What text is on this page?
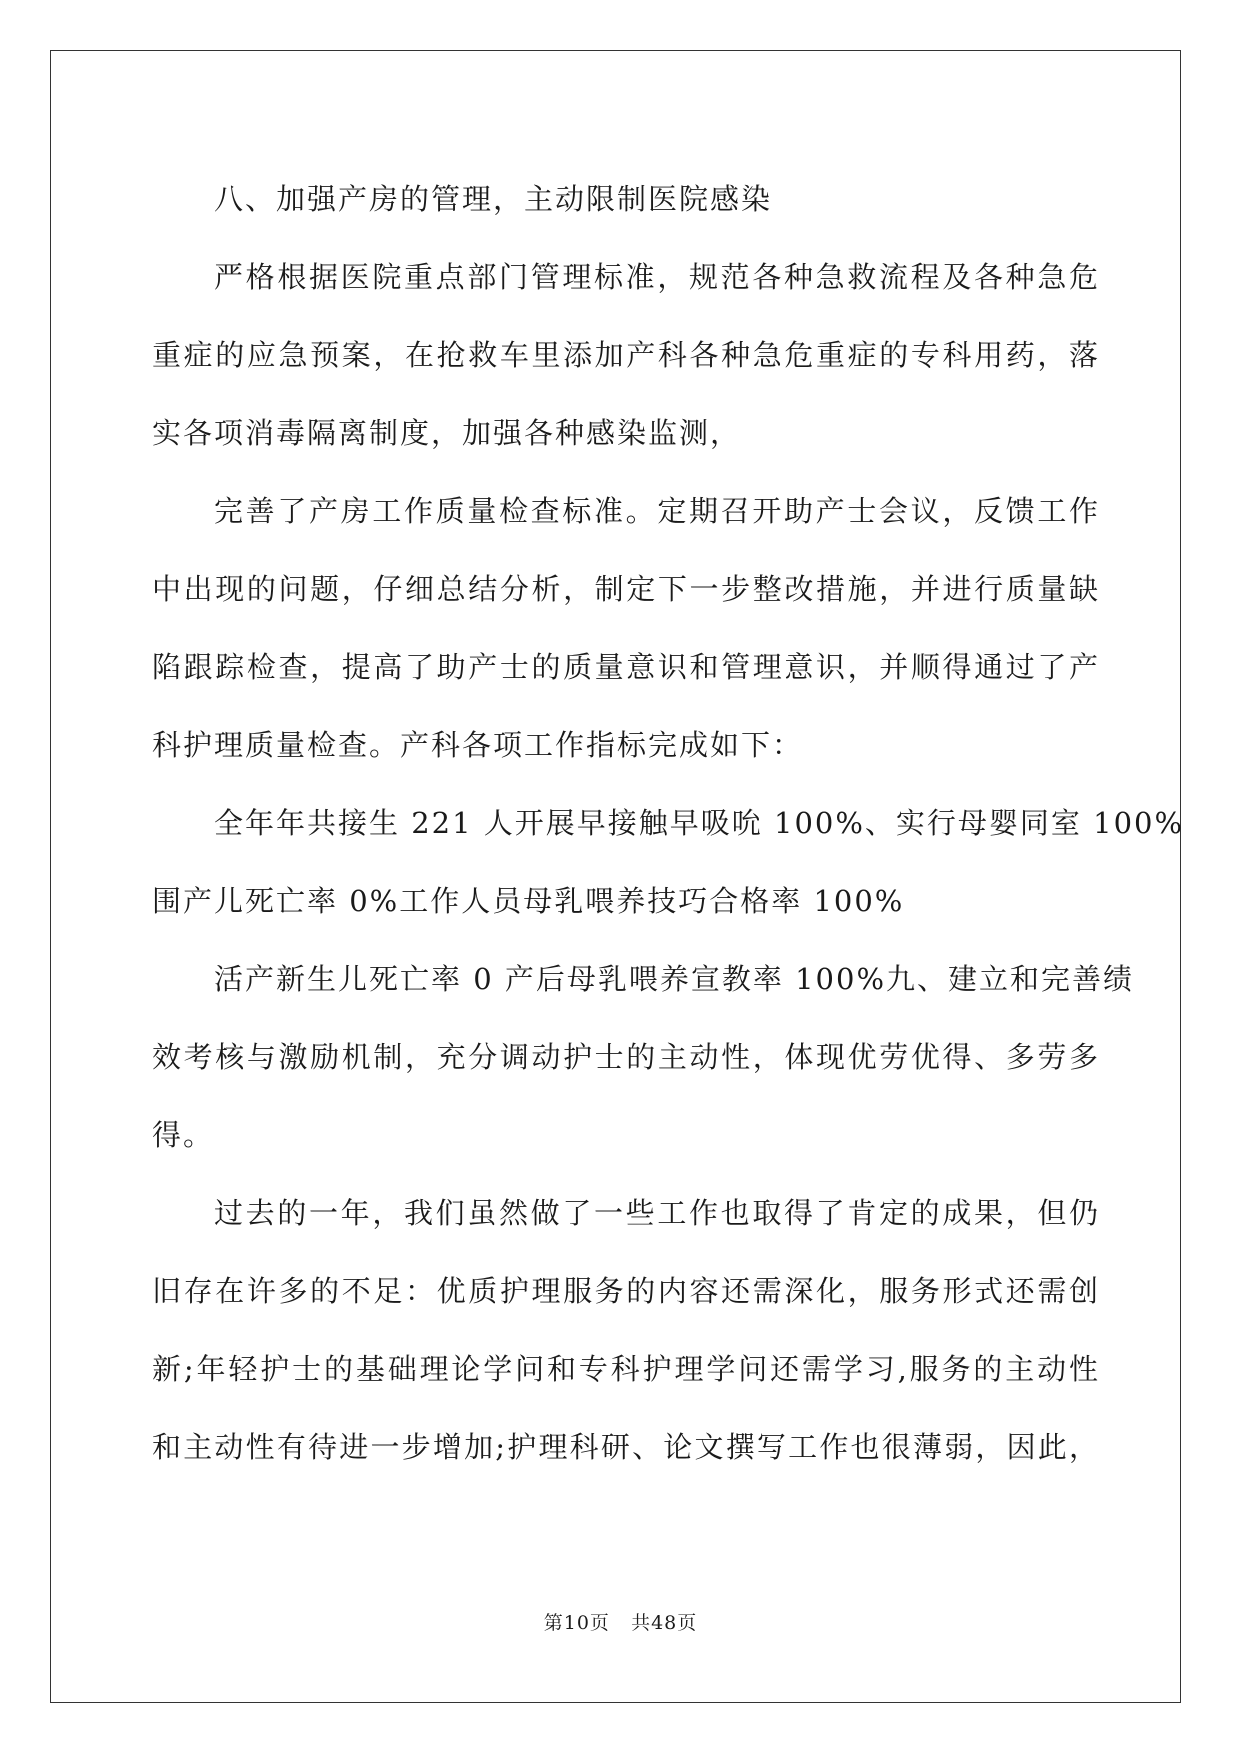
八、加强产房的管理，主动限制医院感染
严格根据医院重点部门管理标准，规范各种急救流程及各种急危
重症的应急预案，在抢救车里添加产科各种急危重症的专科用药，落
实各项消毒隔离制度，加强各种感染监测，
完善了产房工作质量检查标准。定期召开助产士会议，反馈工作
中出现的问题，仔细总结分析，制定下一步整改措施，并进行质量缺
陷跟踪检查，提高了助产士的质量意识和管理意识，并顺得通过了产
科护理质量检查。产科各项工作指标完成如下：
全年年共接生 221 人开展早接触早吸吮 100%、实行母婴同室 100%
围产儿死亡率 0%工作人员母乳喂养技巧合格率 100%
活产新生儿死亡率 0 产后母乳喂养宣教率 100%九、建立和完善绩
效考核与激励机制，充分调动护士的主动性，体现优劳优得、多劳多
得。
过去的一年，我们虽然做了一些工作也取得了肯定的成果，但仍
旧存在许多的不足：优质护理服务的内容还需深化，服务形式还需创
新;年轻护士的基础理论学问和专科护理学问还需学习,服务的主动性
和主动性有待进一步增加;护理科研、论文撰写工作也很薄弱，因此，
第10页 共48页
